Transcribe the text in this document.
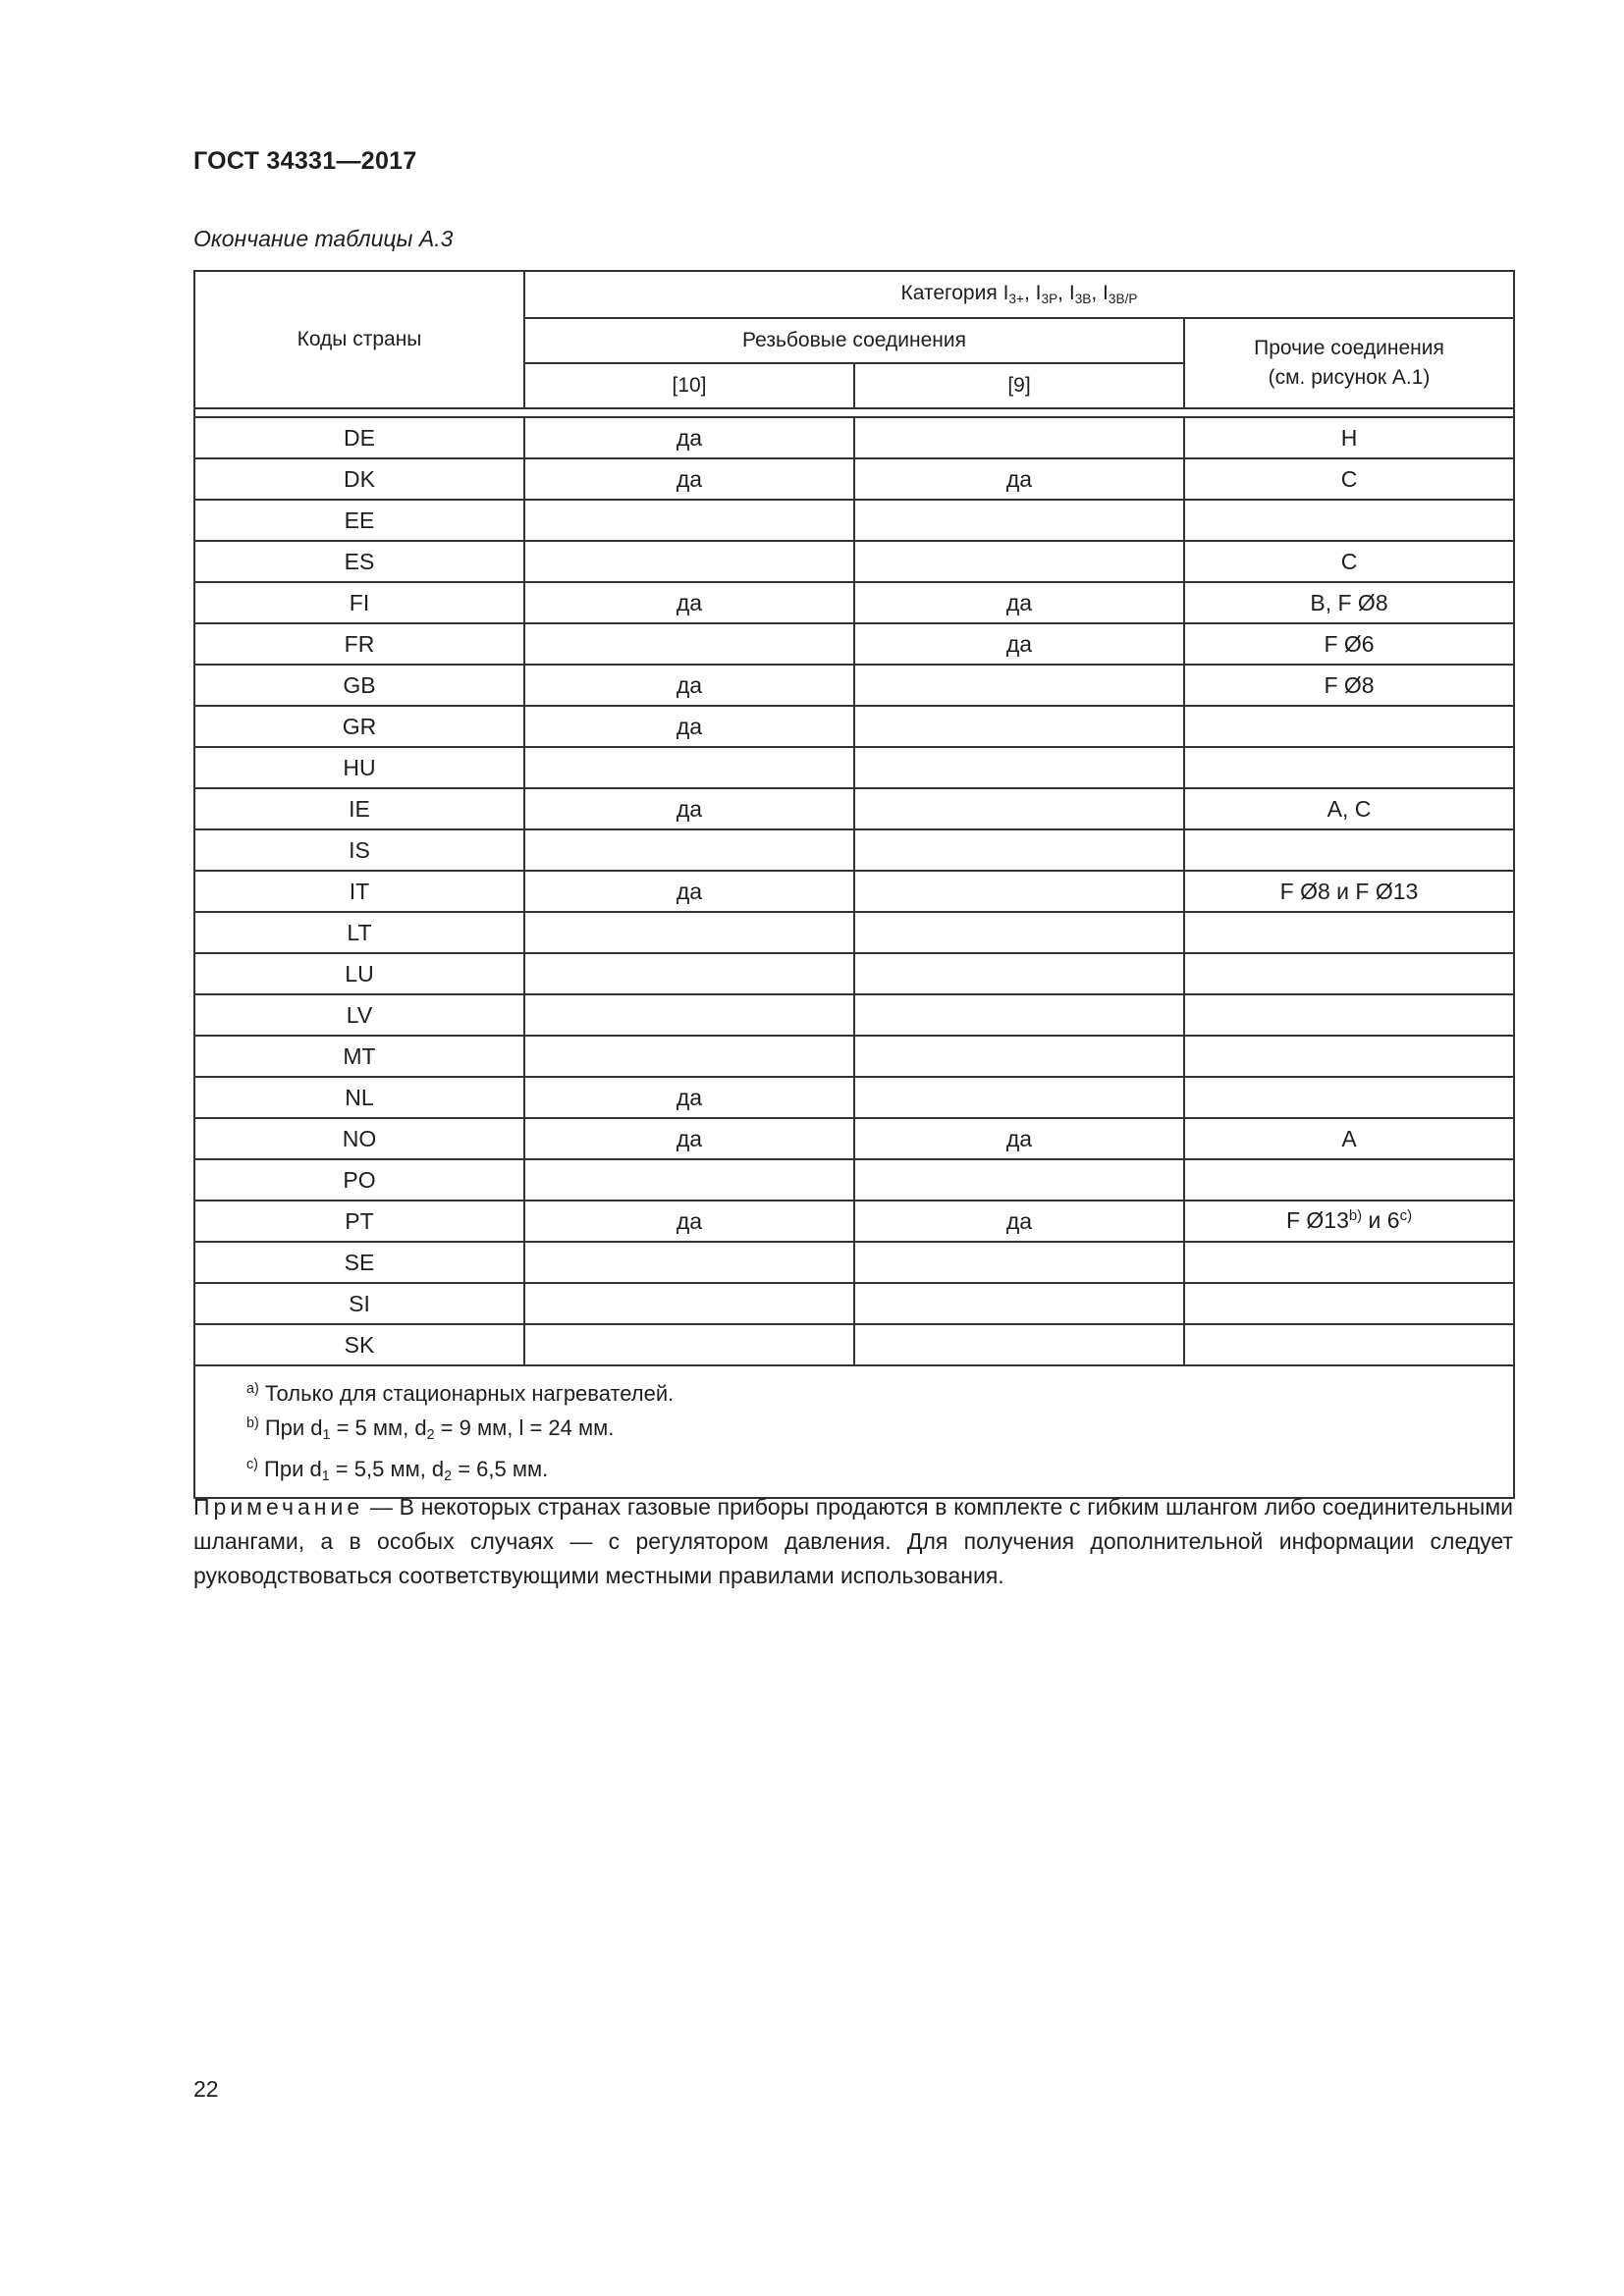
ГОСТ 34331—2017
Окончание таблицы А.3
Коды страны	Категория $I_{3+}$, $I_{3P}$, $I_{3B}$, $I_{3B/P}$
	Резьбовые соединения		Прочие соединения
(см. рисунок А.1)
	[10]	[9]	

DE	да		H
DK	да	да	C
EE			
ES			C
FI	да	да	B, F Ø8
FR		да	F Ø6
GB	да		F Ø8
GR	да		
HU			
IE	да		A, C
IS			
IT	да		F Ø8 и F Ø13
LT			
LU			
LV			
MT			
NL	да		
NO	да	да	A
PO			
PT	да	да	F Ø13$^{b)}$ и 6$^{c)}$
SE			
SI			
SK			

$^{a)}$ Только для стационарных нагревателей.
$^{b)}$ При $d_1 = 5$ мм, $d_2 = 9$ мм, l = 24 мм.
$^{c)}$ При $d_1 = 5,5$ мм, $d_2 = 6,5$ мм.			
Примечание — В некоторых странах газовые приборы продаются в комплекте с гибким шлангом либо соединительными шлангами, а в особых случаях — с регулятором давления. Для получения дополнительной информации следует руководствоваться соответствующими местными правилами использования.
22
